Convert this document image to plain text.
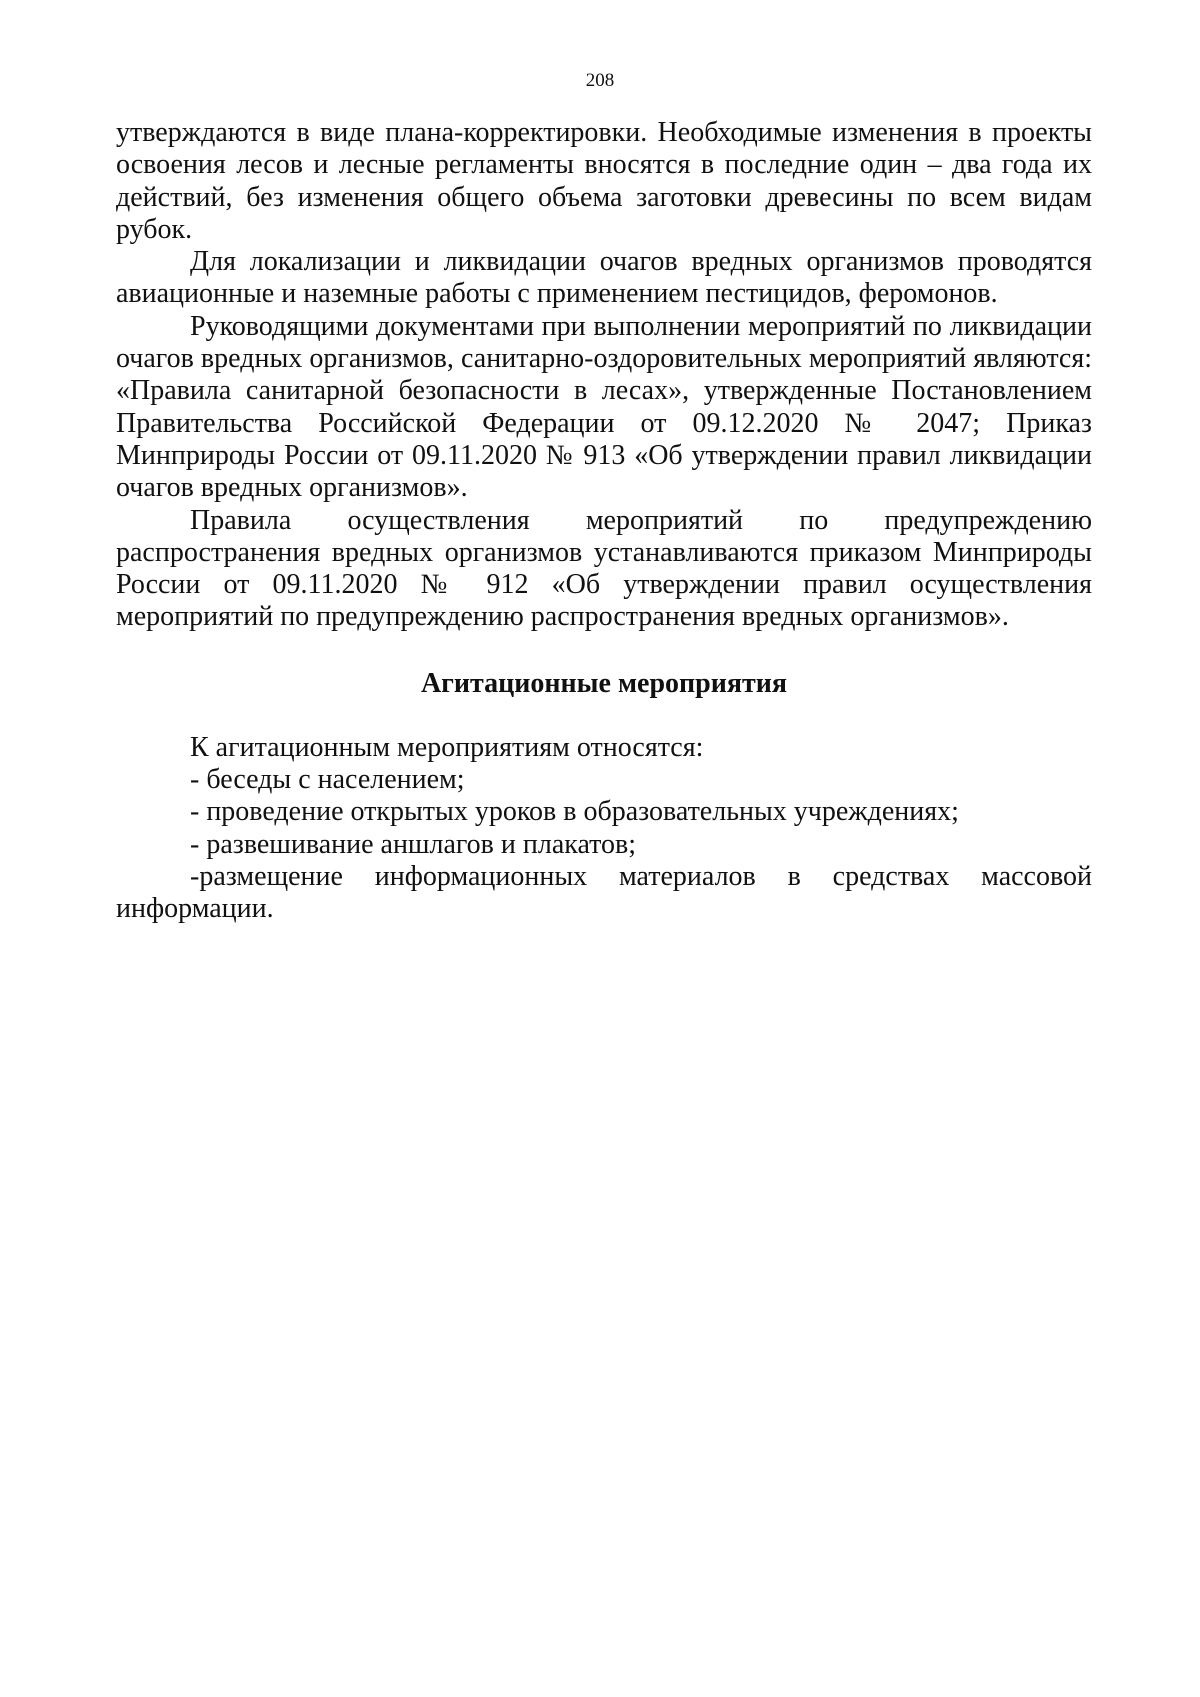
208

утверждаются в виде плана-корректировки. Необходимые изменения в проекты освоения лесов и лесные регламенты вносятся в последние один – два года их действий, без изменения общего объема заготовки древесины по всем видам рубок.

Для локализации и ликвидации очагов вредных организмов проводятся авиационные и наземные работы с применением пестицидов, феромонов.

Руководящими документами при выполнении мероприятий по ликвидации очагов вредных организмов, санитарно-оздоровительных мероприятий являются: «Правила санитарной безопасности в лесах», утвержденные Постановлением Правительства Российской Федерации от 09.12.2020 № 2047; Приказ Минприроды России от 09.11.2020 № 913 «Об утверждении правил ликвидации очагов вредных организмов».

Правила осуществления мероприятий по предупреждению распространения вредных организмов устанавливаются приказом Минприроды России от 09.11.2020 № 912 «Об утверждении правил осуществления мероприятий по предупреждению распространения вредных организмов».

Агитационные мероприятия

К агитационным мероприятиям относятся:

- беседы с населением;

- проведение открытых уроков в образовательных учреждениях;

- развешивание аншлагов и плакатов;

-размещение информационных материалов в средствах массовой информации.
